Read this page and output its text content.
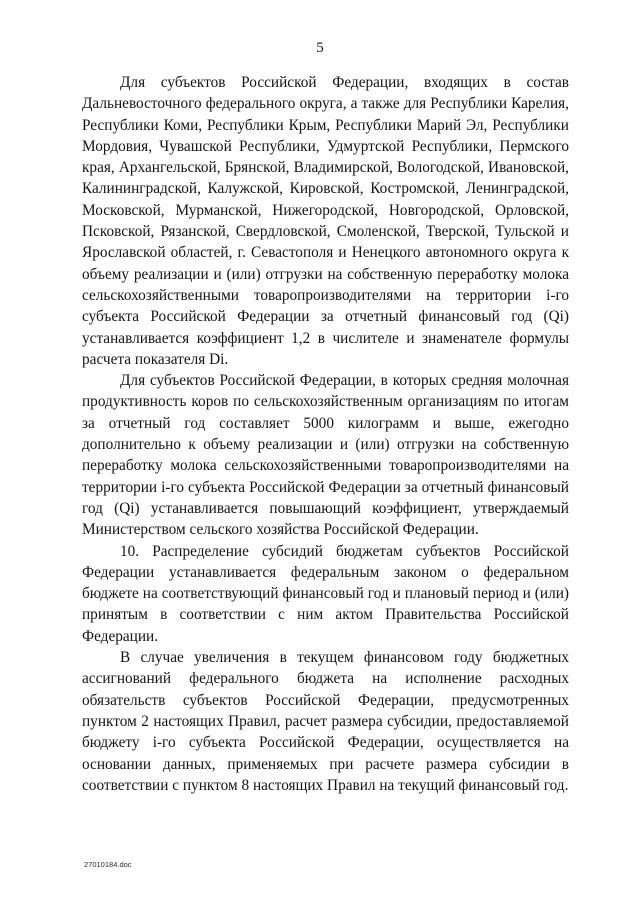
5

Для субъектов Российской Федерации, входящих в состав Дальневосточного федерального округа, а также для Республики Карелия, Республики Коми, Республики Крым, Республики Марий Эл, Республики Мордовия, Чувашской Республики, Удмуртской Республики, Пермского края, Архангельской, Брянской, Владимирской, Вологодской, Ивановской, Калининградской, Калужской, Кировской, Костромской, Ленинградской, Московской, Мурманской, Нижегородской, Новгородской, Орловской, Псковской, Рязанской, Свердловской, Смоленской, Тверской, Тульской и Ярославской областей, г. Севастополя и Ненецкого автономного округа к объему реализации и (или) отгрузки на собственную переработку молока сельскохозяйственными товаропроизводителями на территории i-го субъекта Российской Федерации за отчетный финансовый год (Qi) устанавливается коэффициент 1,2 в числителе и знаменателе формулы расчета показателя Di.

Для субъектов Российской Федерации, в которых средняя молочная продуктивность коров по сельскохозяйственным организациям по итогам за отчетный год составляет 5000 килограмм и выше, ежегодно дополнительно к объему реализации и (или) отгрузки на собственную переработку молока сельскохозяйственными товаропроизводителями на территории i-го субъекта Российской Федерации за отчетный финансовый год (Qi) устанавливается повышающий коэффициент, утверждаемый Министерством сельского хозяйства Российской Федерации.

10. Распределение субсидий бюджетам субъектов Российской Федерации устанавливается федеральным законом о федеральном бюджете на соответствующий финансовый год и плановый период и (или) принятым в соответствии с ним актом Правительства Российской Федерации.

В случае увеличения в текущем финансовом году бюджетных ассигнований федерального бюджета на исполнение расходных обязательств субъектов Российской Федерации, предусмотренных пунктом 2 настоящих Правил, расчет размера субсидии, предоставляемой бюджету i-го субъекта Российской Федерации, осуществляется на основании данных, применяемых при расчете размера субсидии в соответствии с пунктом 8 настоящих Правил на текущий финансовый год.

27010184.doc
